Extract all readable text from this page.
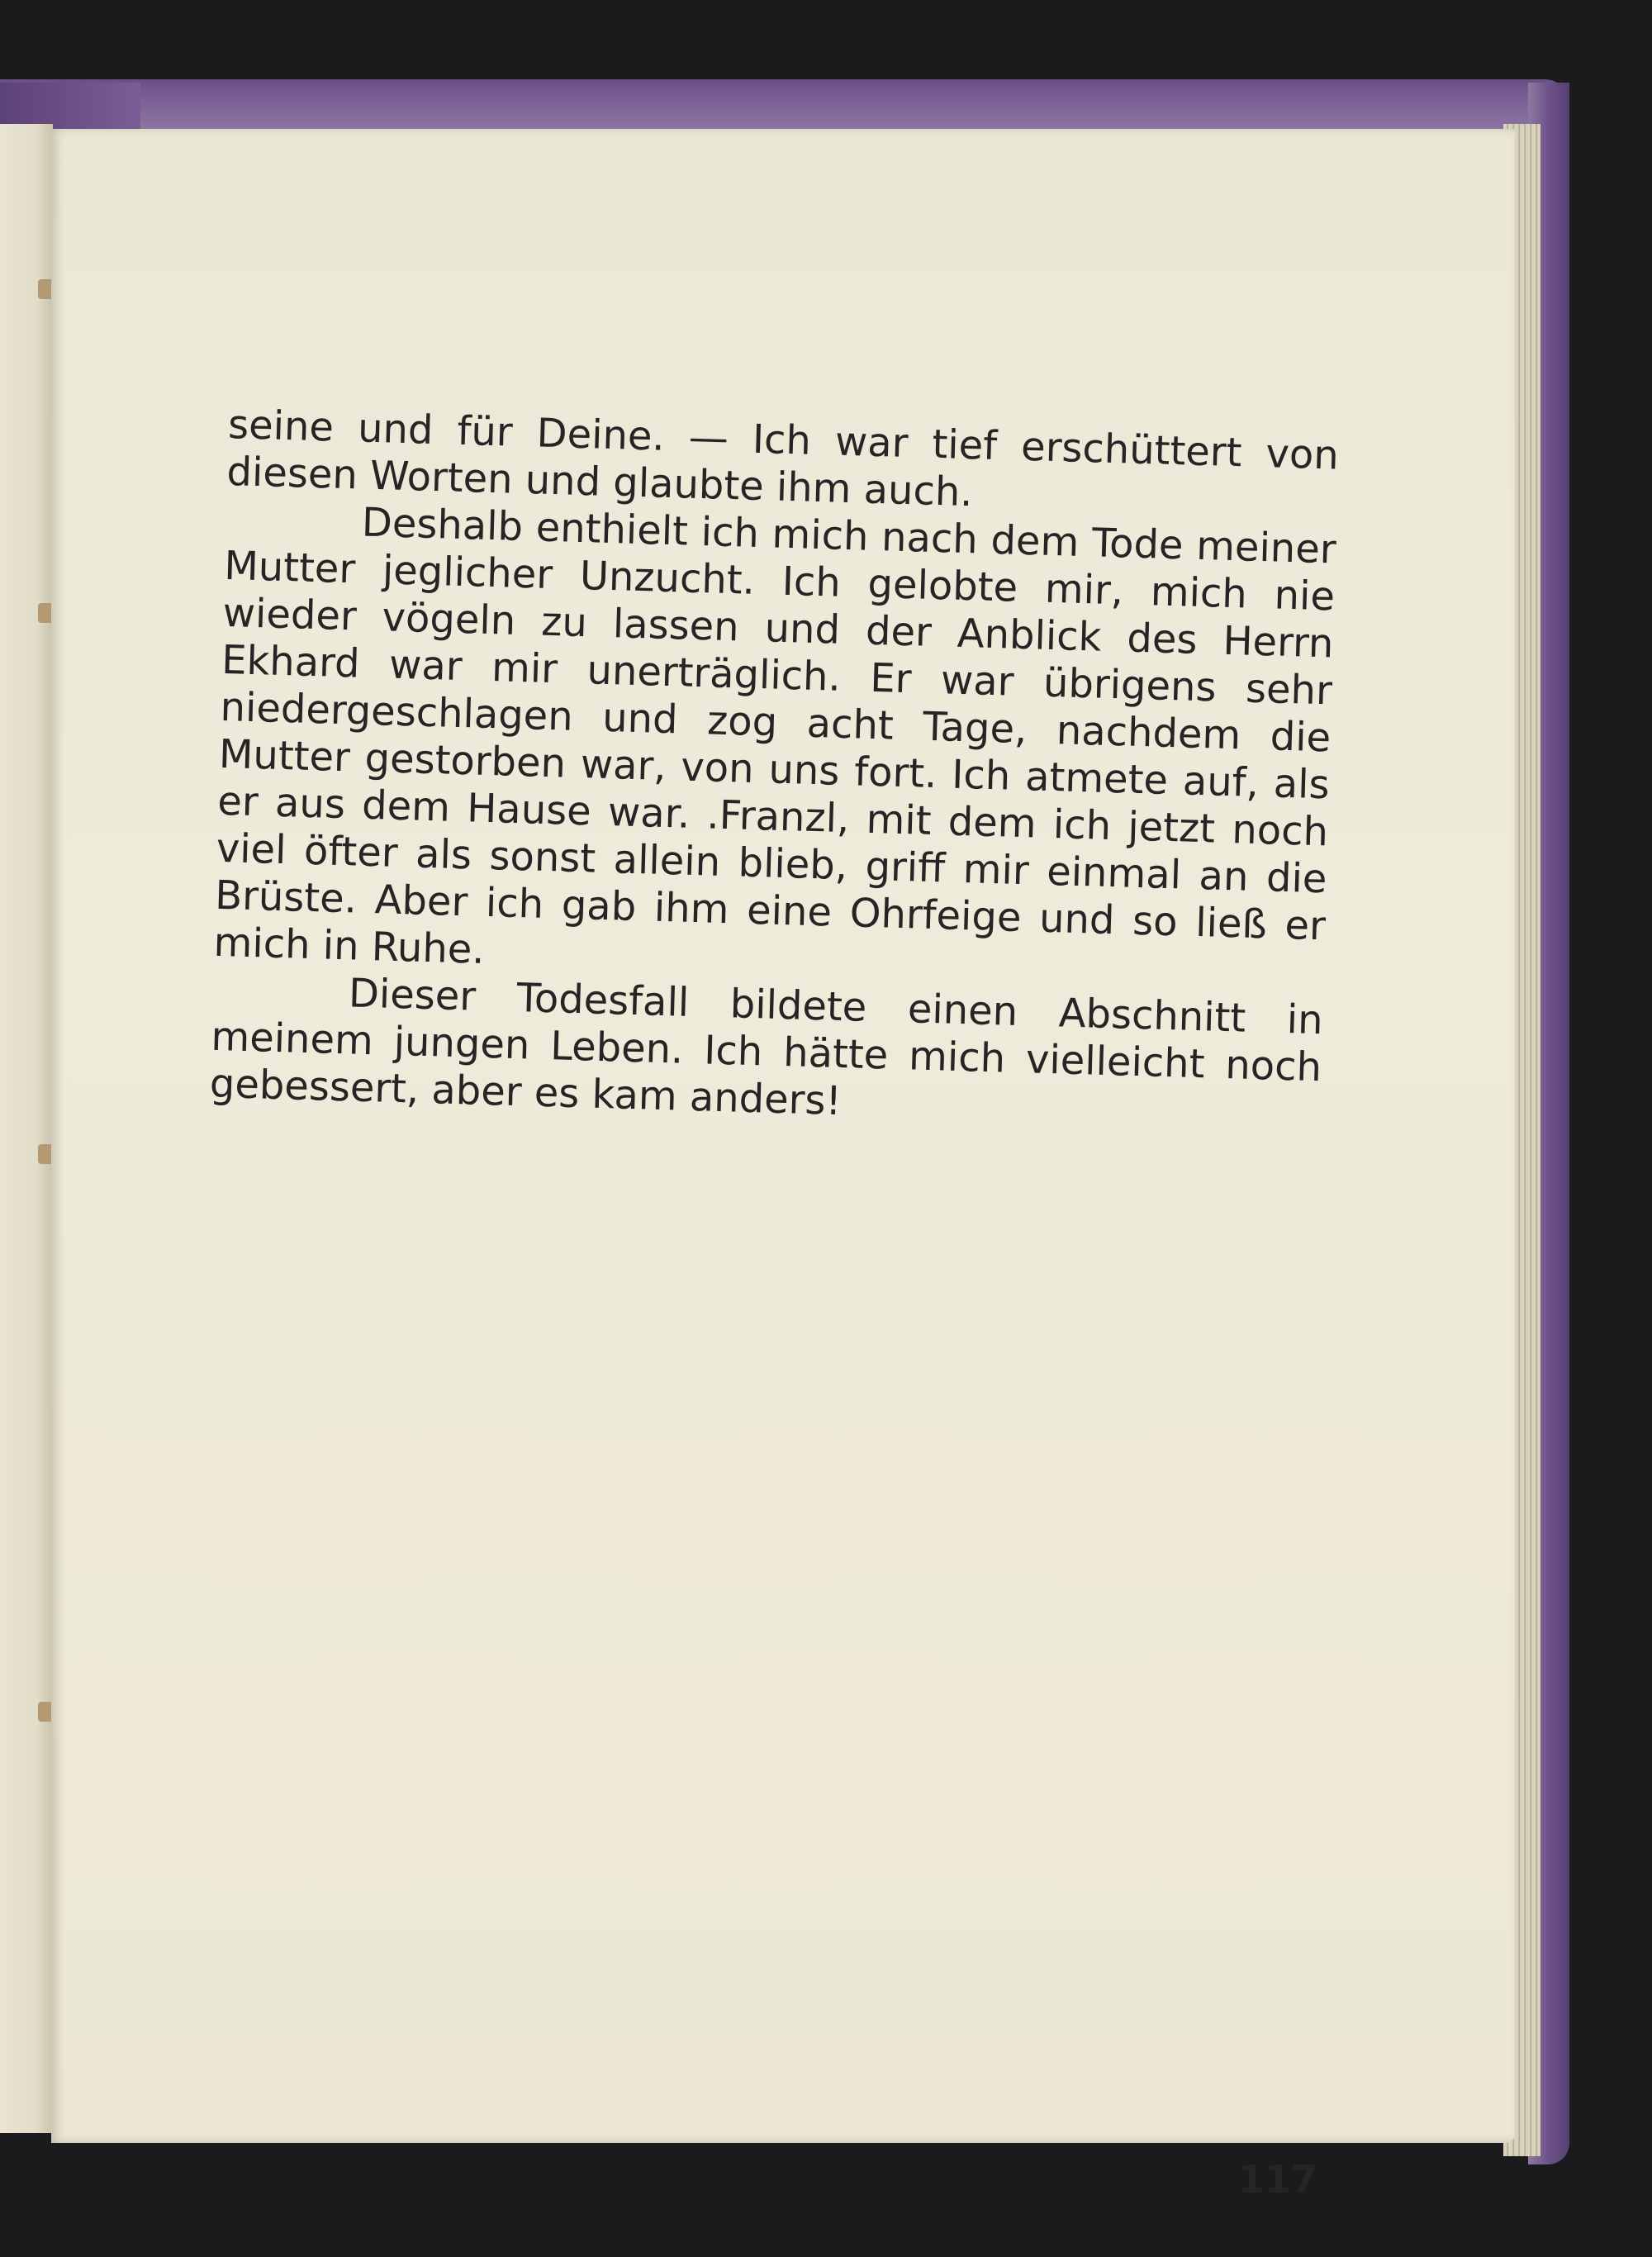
seine und für Deine. — Ich war tief erschüttert von diesen Worten und glaubte ihm auch.

Deshalb enthielt ich mich nach dem Tode meiner Mutter jeglicher Unzucht. Ich gelobte mir, mich nie wieder vögeln zu lassen und der Anblick des Herrn Ekhard war mir unerträglich. Er war übrigens sehr niedergeschlagen und zog acht Tage, nachdem die Mutter gestorben war, von uns fort. Ich atmete auf, als er aus dem Hause war. .Franzl, mit dem ich jetzt noch viel öfter als sonst allein blieb, griff mir einmal an die Brüste. Aber ich gab ihm eine Ohrfeige und so ließ er mich in Ruhe.

Dieser Todesfall bildete einen Abschnitt in meinem jungen Leben. Ich hätte mich vielleicht noch gebessert, aber es kam anders!

117
